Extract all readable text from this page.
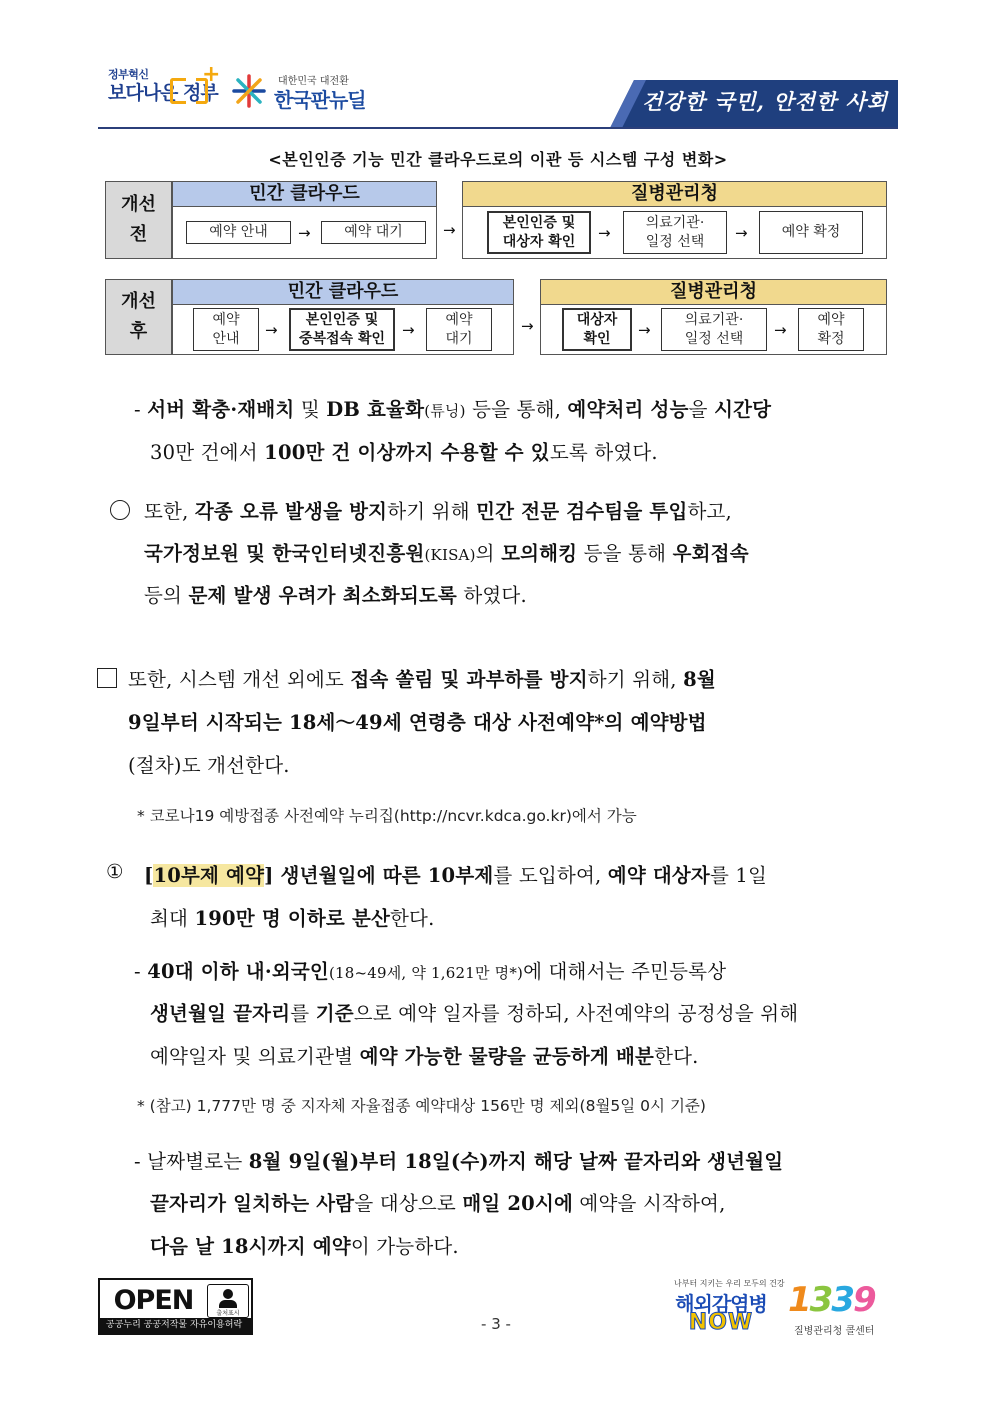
정부혁신
보다나은 정부
+	대한민국 대전환
한국판뉴딜	건강한 국민, 안전한 사회
<본인인증 기능 민간 클라우드로의 이관 등 시스템 구성 변화>
개선
전
민간 클라우드
예약 안내	→	예약 대기	→
질병관리청
본인인증 및
대상자 확인	→
의료기관·
일정 선택	→	예약 확정
개선
후
민간 클라우드
예약
안내	→
본인인증 및
중복접속 확인	→
예약
대기
→
질병관리청
대상자
확인	→
의료기관·
일정 선택	→
예약
확정
- 서버 확충·재배치 및 DB 효율화(튜닝) 등을 통해, 예약처리 성능을 시간당
30만 건에서 100만 건 이상까지 수용할 수 있도록 하였다.
또한, 각종 오류 발생을 방지하기 위해 민간 전문 검수팀을 투입하고,
국가정보원 및 한국인터넷진흥원(KISA)의 모의해킹 등을 통해 우회접속
등의 문제 발생 우려가 최소화되도록 하였다.
또한, 시스템 개선 외에도 접속 쏠림 및 과부하를 방지하기 위해, 8월
9일부터 시작되는 18세～49세 연령층 대상 사전예약*의 예약방법
(절차)도 개선한다.
* 코로나19 예방접종 사전예약 누리집(http://ncvr.kdca.go.kr)에서 가능
① [10부제 예약] 생년월일에 따른 10부제를 도입하여, 예약 대상자를 1일
최대 190만 명 이하로 분산한다.
- 40대 이하 내·외국인(18~49세, 약 1,621만 명*)에 대해서는 주민등록상
생년월일 끝자리를 기준으로 예약 일자를 정하되, 사전예약의 공정성을 위해
예약일자 및 의료기관별 예약 가능한 물량을 균등하게 배분한다.
* (참고) 1,777만 명 중 지자체 자율접종 예약대상 156만 명 제외(8월5일 0시 기준)
- 날짜별로는 8월 9일(월)부터 18일(수)까지 해당 날짜 끝자리와 생년월일
끝자리가 일치하는 사람을 대상으로 매일 20시에 예약을 시작하여,
다음 날 18시까지 예약이 가능하다.
OPEN	출처표시
공공누리 공공저작물 자유이용허락	- 3 -
나부터 지키는 우리 모두의 건강
해외감염병
NOW
1339
질병관리청 콜센터
